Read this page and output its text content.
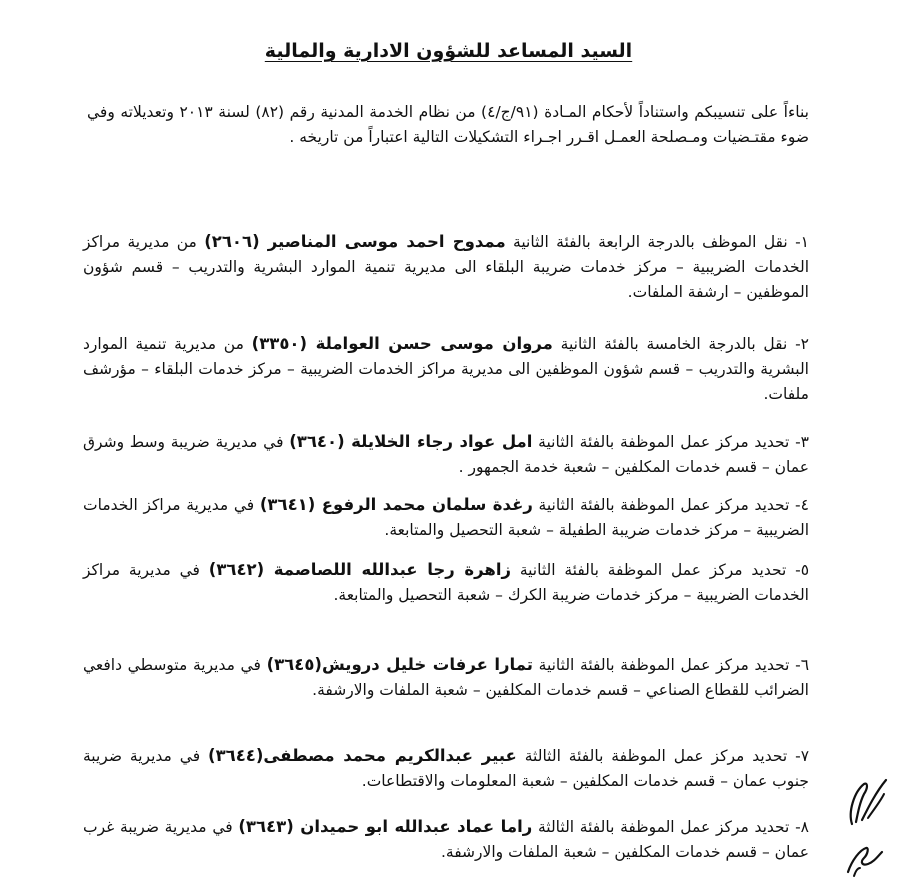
السيد المساعد للشؤون الادارية والمالية
بناءاً على تنسيبكم واستناداً لأحكام المـادة (٩١/ج/٤) من نظام الخدمة المدنية رقم (٨٢) لسنة ٢٠١٣ وتعديلاته وفي ضوء مقتـضيات ومـصلحة العمـل اقـرر اجـراء التشكيلات التالية اعتباراً من تاريخه .
١- نقل الموظف بالدرجة الرابعة بالفئة الثانية ممدوح احمد موسى المناصير (٢٦٠٦) من مديرية مراكز الخدمات الضريبية – مركز خدمات ضريبة البلقاء الى مديرية تنمية الموارد البشرية والتدريب – قسم شؤون الموظفين – ارشفة الملفات.
٢- نقل بالدرجة الخامسة بالفئة الثانية مروان موسى حسن العواملة (٣٣٥٠) من مديرية تنمية الموارد البشرية والتدريب – قسم شؤون الموظفين الى مديرية مراكز الخدمات الضريبية – مركز خدمات البلقاء – مؤرشف ملفات.
٣- تحديد مركز عمل الموظفة بالفئة الثانية امل عواد رجاء الخلايلة (٣٦٤٠) في مديرية ضريبة وسط وشرق عمان – قسم خدمات المكلفين – شعبة خدمة الجمهور .
٤- تحديد مركز عمل الموظفة بالفئة الثانية رغدة سلمان محمد الرفوع (٣٦٤١) في مديرية مراكز الخدمات الضريبية – مركز خدمات ضريبة الطفيلة – شعبة التحصيل والمتابعة.
٥- تحديد مركز عمل الموظفة بالفئة الثانية زاهرة رجا عبدالله اللصاصمة (٣٦٤٢) في مديرية مراكز الخدمات الضريبية – مركز خدمات ضريبة الكرك – شعبة التحصيل والمتابعة.
٦- تحديد مركز عمل الموظفة بالفئة الثانية تمارا عرفات خليل درويش(٣٦٤٥) في مديرية متوسطي دافعي الضرائب للقطاع الصناعي – قسم خدمات المكلفين – شعبة الملفات والارشفة.
٧- تحديد مركز عمل الموظفة بالفئة الثالثة عبير عبدالكريم محمد مصطفى(٣٦٤٤) في مديرية ضريبة جنوب عمان – قسم خدمات المكلفين – شعبة المعلومات والاقتطاعات.
٨- تحديد مركز عمل الموظفة بالفئة الثالثة راما عماد عبدالله ابو حميدان (٣٦٤٣) في مديرية ضريبة غرب عمان – قسم خدمات المكلفين – شعبة الملفات والارشفة.
